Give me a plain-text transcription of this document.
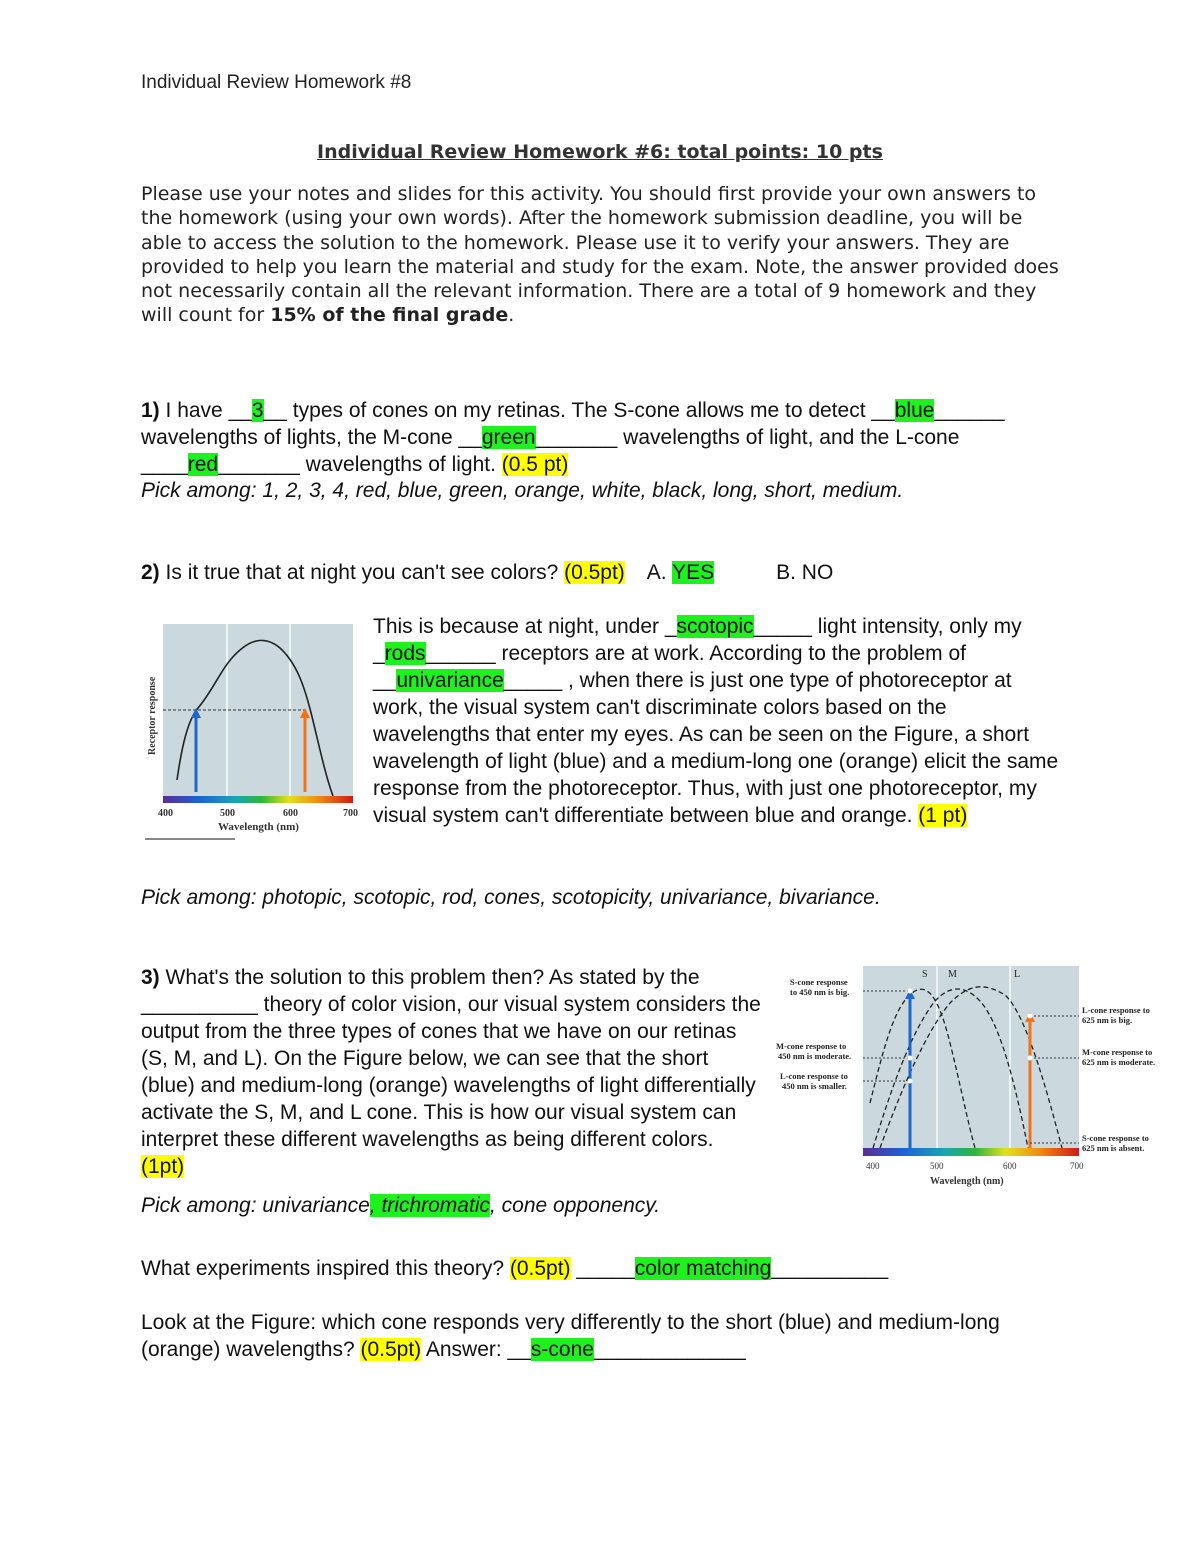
Individual Review Homework #8
Individual Review Homework #6: total points: 10 pts
Please use your notes and slides for this activity. You should first provide your own answers to the homework (using your own words). After the homework submission deadline, you will be able to access the solution to the homework. Please use it to verify your answers. They are provided to help you learn the material and study for the exam. Note, the answer provided does not necessarily contain all the relevant information. There are a total of 9 homework and they will count for 15% of the final grade.
1) I have __3__ types of cones on my retinas. The S-cone allows me to detect __blue______ wavelengths of lights, the M-cone __green_______ wavelengths of light, and the L-cone ____red_______ wavelengths of light. (0.5 pt)
Pick among: 1, 2, 3, 4, red, blue, green, orange, white, black, long, short, medium.
2) Is it true that at night you can't see colors? (0.5pt) A. YES	B. NO
400	500	600	700
Wavelength (nm)
Receptor response
This is because at night, under _scotopic_____ light intensity, only my _rods______ receptors are at work. According to the problem of __univariance_____ , when there is just one type of photoreceptor at work, the visual system can't discriminate colors based on the wavelengths that enter my eyes. As can be seen on the Figure, a short wavelength of light (blue) and a medium-long one (orange) elicit the same response from the photoreceptor. Thus, with just one photoreceptor, my visual system can't differentiate between blue and orange. (1 pt)
Pick among: photopic, scotopic, rod, cones, scotopicity, univariance, bivariance.
3) What's the solution to this problem then? As stated by the __________ theory of color vision, our visual system considers the output from the three types of cones that we have on our retinas (S, M, and L). On the Figure below, we can see that the short (blue) and medium-long (orange) wavelengths of light differentially activate the S, M, and L cone. This is how our visual system can interpret these different wavelengths as being different colors. (1pt)
Pick among: univariance, trichromatic, cone opponency.
S M	L
400	500	600	700
Wavelength (nm)
S-cone response
to 450 nm is big.
M-cone response to
450 nm is moderate.
L-cone response to
450 nm is smaller.
L-cone response to
625 nm is big.
M-cone response to
625 nm is moderate.
S-cone response to
625 nm is absent.
What experiments inspired this theory? (0.5pt) _____color matching__________
Look at the Figure: which cone responds very differently to the short (blue) and medium-long (orange) wavelengths? (0.5pt) Answer: __s-cone_____________
